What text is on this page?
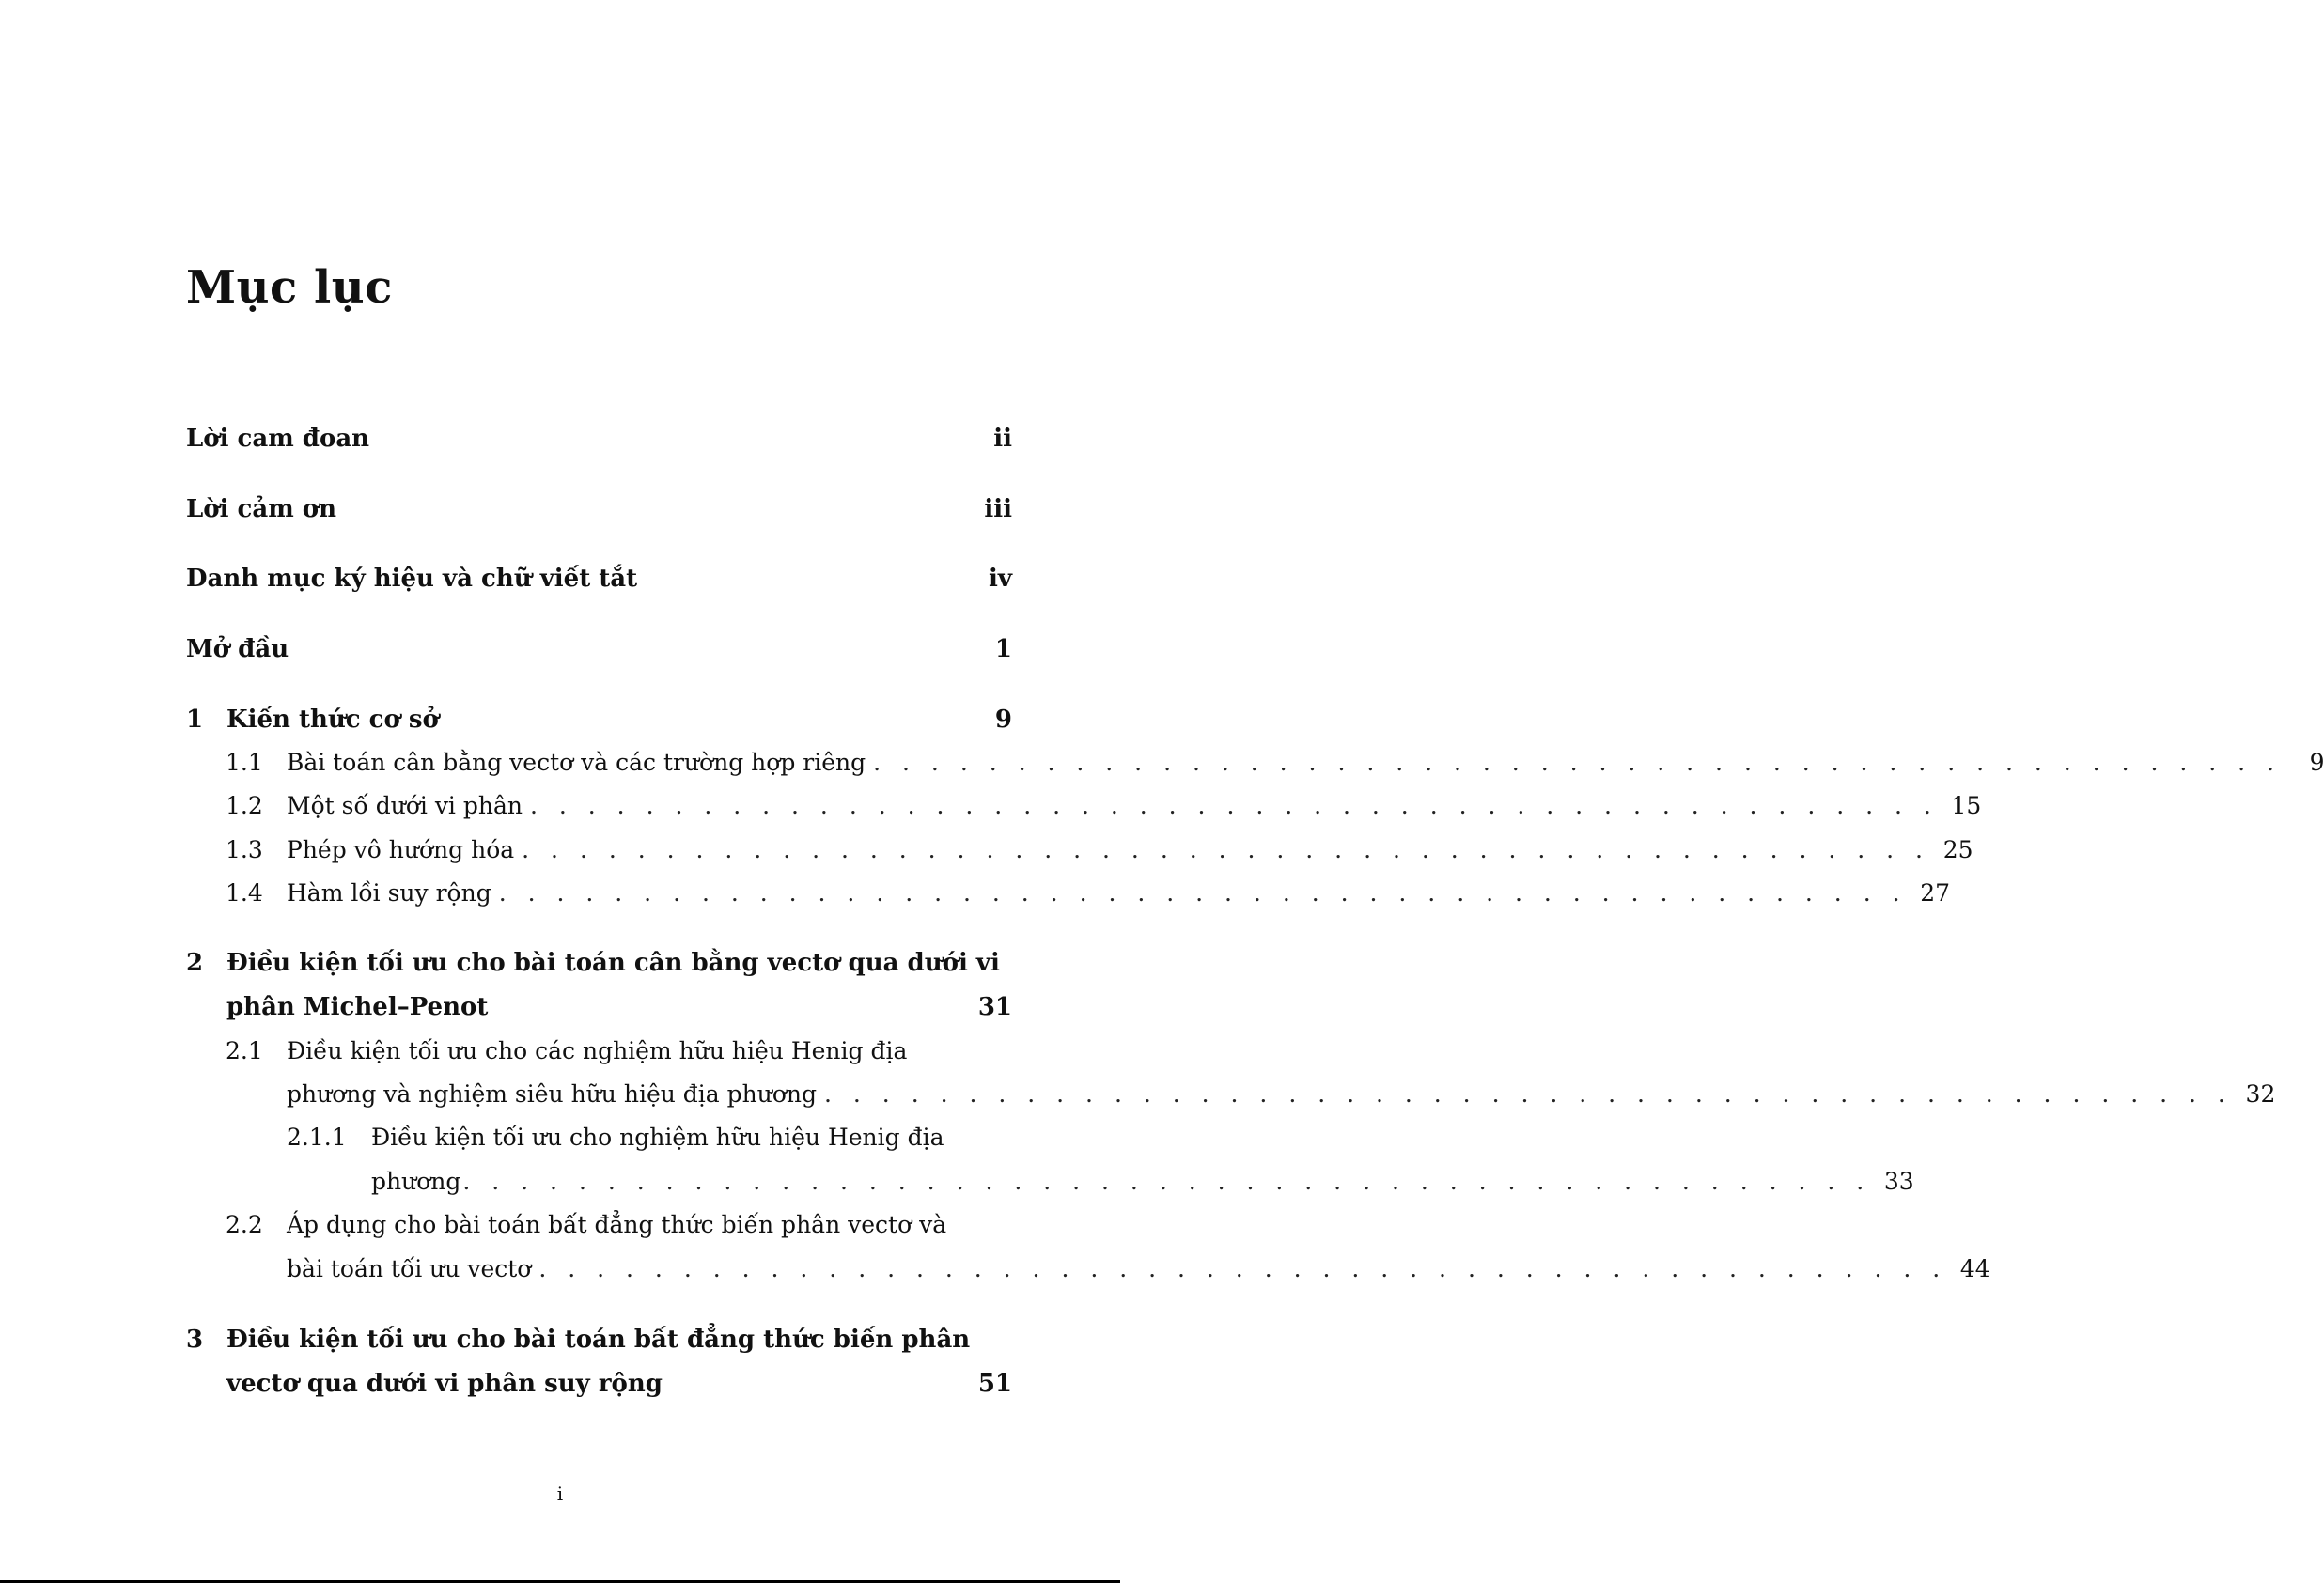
Mục lục
Lời cam đoan	ii
Lời cảm ơn	iii
Danh mục ký hiệu và chữ viết tắt	iv
Mở đầu	1
1 Kiến thức cơ sở	9
1.1	Bài toán cân bằng vectơ và các trường hợp riêng . . . . . . . . . . . . . . . . . . . . . . . . . . . . . . . . . . . . . . . . . . . . . . . . .	9
1.2	Một số dưới vi phân . . . . . . . . . . . . . . . . . . . . . . . . . . . . . . . . . . . . . . . . . . . . . . . . . 15
1.3	Phép vô hướng hóa . . . . . . . . . . . . . . . . . . . . . . . . . . . . . . . . . . . . . . . . . . . . . . . . . 25
1.4	Hàm lồi suy rộng . . . . . . . . . . . . . . . . . . . . . . . . . . . . . . . . . . . . . . . . . . . . . . . . . 27
2 Điều kiện tối ưu cho bài toán cân bằng vectơ qua dưới vi
phân Michel–Penot	31
2.1	Điều kiện tối ưu cho các nghiệm hữu hiệu Henig địa
phương và nghiệm siêu hữu hiệu địa phương . . . . . . . . . . . . . . . . . . . . . . . . . . . . . . . . . . . . . . . . . . . . . . . . . 32
2.1.1	Điều kiện tối ưu cho nghiệm hữu hiệu Henig địa
phương . . . . . . . . . . . . . . . . . . . . . . . . . . . . . . . . . . . . . . . . . . . . . . . . . 33
2.2	Áp dụng cho bài toán bất đẳng thức biến phân vectơ và
bài toán tối ưu vectơ . . . . . . . . . . . . . . . . . . . . . . . . . . . . . . . . . . . . . . . . . . . . . . . . . 44
3 Điều kiện tối ưu cho bài toán bất đẳng thức biến phân
vectơ qua dưới vi phân suy rộng	51
i
